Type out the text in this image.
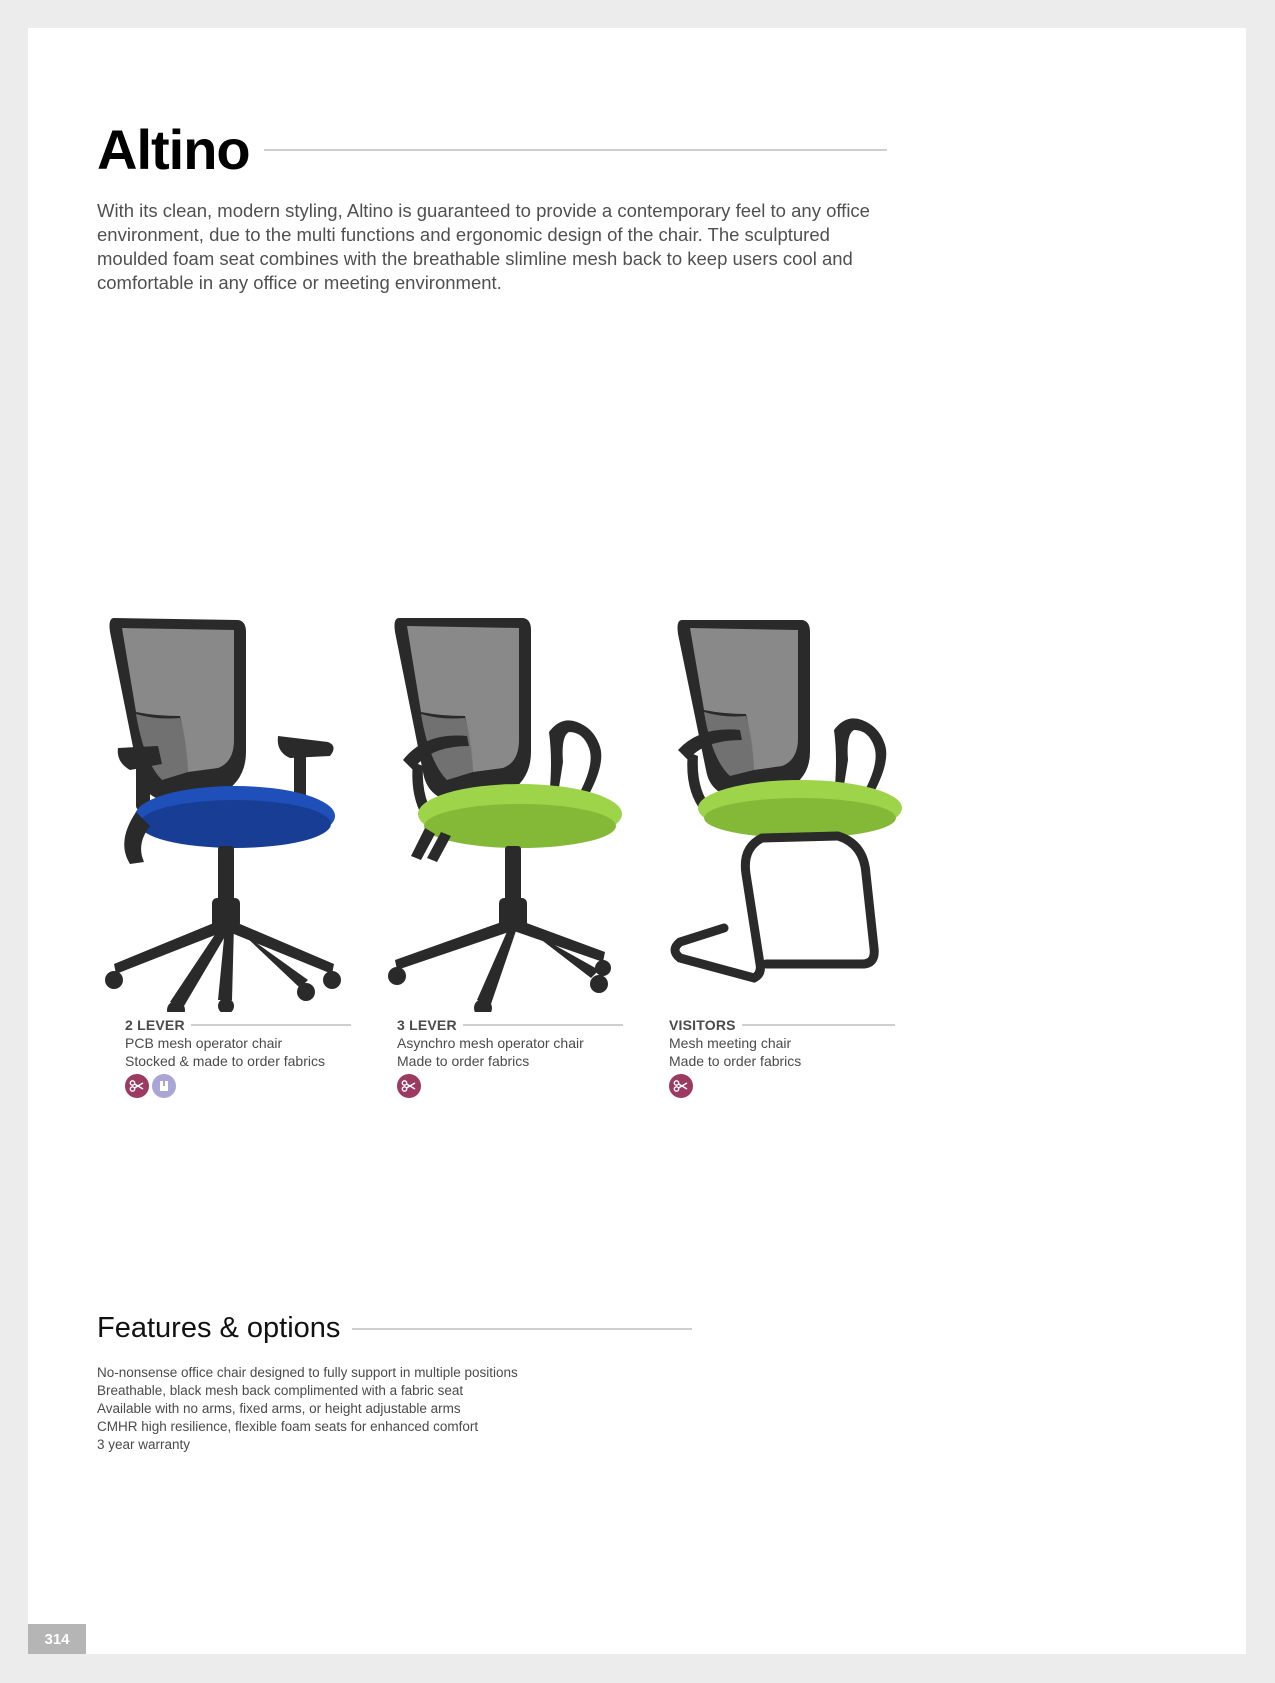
Altino

With its clean, modern styling, Altino is guaranteed to provide a contemporary feel to any office environment, due to the multi functions and ergonomic design of the chair. The sculptured moulded foam seat combines with the breathable slimline mesh back to keep users cool and comfortable in any office or meeting environment.

2 LEVER
PCB mesh operator chair
Stocked & made to order fabrics
3 LEVER
Asynchro mesh operator chair
Made to order fabrics
VISITORS
Mesh meeting chair
Made to order fabrics
Features & options
No-nonsense office chair designed to fully support in multiple positions
Breathable, black mesh back complimented with a fabric seat
Available with no arms, fixed arms, or height adjustable arms
CMHR high resilience, flexible foam seats for enhanced comfort
3 year warranty
314
